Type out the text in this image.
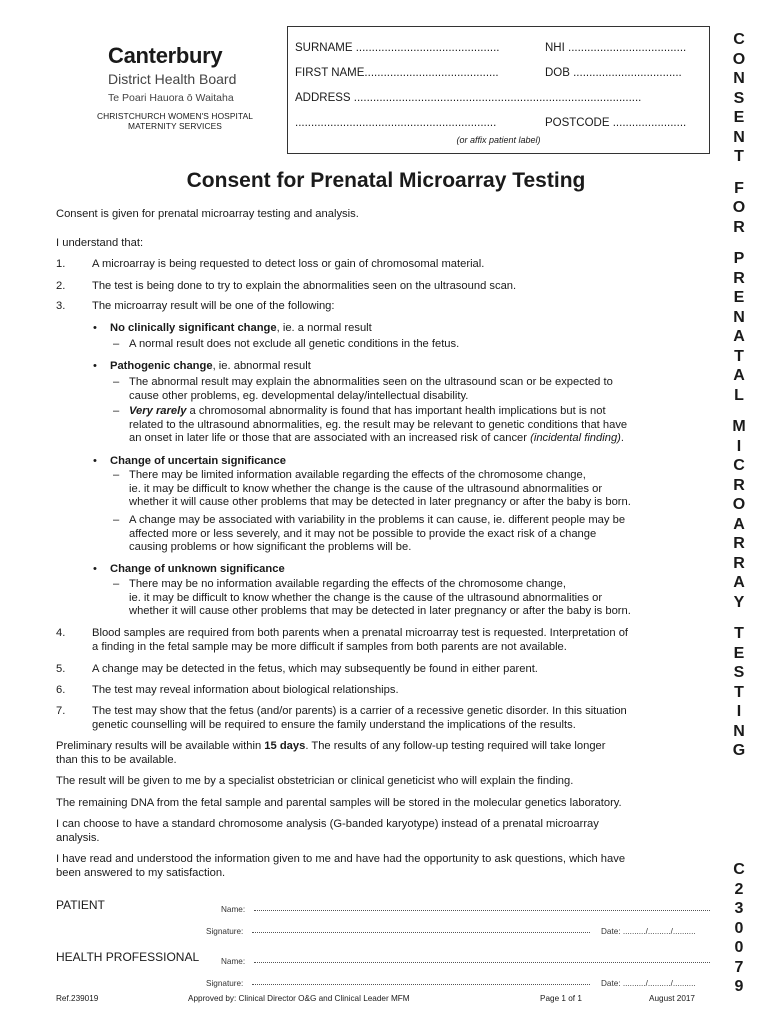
Canterbury
District Health Board
Te Poari Hauora ō Waitaha
CHRISTCHURCH WOMEN'S HOSPITAL
MATERNITY SERVICES
SURNAME .............................................	NHI .....................................
FIRST NAME..........................................	DOB ..................................
ADDRESS ..........................................................................................
...............................................................	POSTCODE .......................
(or affix patient label)
C
O
N
S
E
N
T
F
O
R
P
R
E
N
A
T
A
L
M
I
C
R
O
A
R
R
A
Y
T
E
S
T
I
N
G
C
2
3
0
0
7
9
Consent for Prenatal Microarray Testing
Consent is given for prenatal microarray testing and analysis.
I understand that:
1.	A microarray is being requested to detect loss or gain of chromosomal material.
2.	The test is being done to try to explain the abnormalities seen on the ultrasound scan.
3.	The microarray result will be one of the following:
•	No clinically significant change, ie. a normal result
– A normal result does not exclude all genetic conditions in the fetus.
•	Pathogenic change, ie. abnormal result
– The abnormal result may explain the abnormalities seen on the ultrasound scan or be expected to
cause other problems, eg. developmental delay/intellectual disability.
– Very rarely a chromosomal abnormality is found that has important health implications but is not
related to the ultrasound abnormalities, eg. the result may be relevant to genetic conditions that have
an onset in later life or those that are associated with an increased risk of cancer (incidental finding).
•	Change of uncertain significance
– There may be limited information available regarding the effects of the chromosome change,
ie. it may be difficult to know whether the change is the cause of the ultrasound abnormalities or
whether it will cause other problems that may be detected in later pregnancy or after the baby is born.
– A change may be associated with variability in the problems it can cause, ie. different people may be
affected more or less severely, and it may not be possible to provide the exact risk of a change
causing problems or how significant the problems will be.
•	Change of unknown significance
– There may be no information available regarding the effects of the chromosome change,
ie. it may be difficult to know whether the change is the cause of the ultrasound abnormalities or
whether it will cause other problems that may be detected in later pregnancy or after the baby is born.
4.	Blood samples are required from both parents when a prenatal microarray test is requested. Interpretation of
a finding in the fetal sample may be more difficult if samples from both parents are not available.
5.	A change may be detected in the fetus, which may subsequently be found in either parent.
6.	The test may reveal information about biological relationships.
7.	The test may show that the fetus (and/or parents) is a carrier of a recessive genetic disorder. In this situation
genetic counselling will be required to ensure the family understand the implications of the results.
Preliminary results will be available within 15 days. The results of any follow-up testing required will take longer
than this to be available.
The result will be given to me by a specialist obstetrician or clinical geneticist who will explain the finding.
The remaining DNA from the fetal sample and parental samples will be stored in the molecular genetics laboratory.
I can choose to have a standard chromosome analysis (G-banded karyotype) instead of a prenatal microarray
analysis.
I have read and understood the information given to me and have had the opportunity to ask questions, which have
been answered to my satisfaction.
PATIENT	Name:
Signature:	Date: ........../........../..........
HEALTH PROFESSIONAL	Name:
Signature:	Date: ........../........../..........
Ref.239019	Approved by: Clinical Director O&G and Clinical Leader MFM	Page 1 of 1	August 2017
